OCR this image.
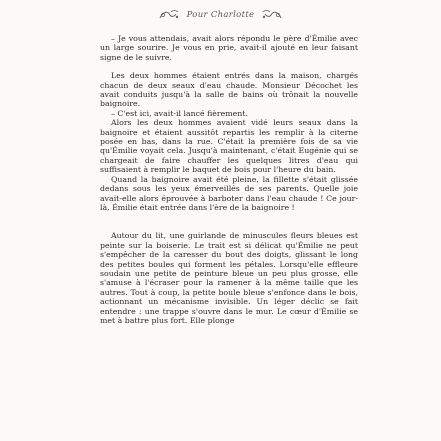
Pour Charlotte

– Je vous attendais, avait alors répondu le père d'Émilie avec un large sourire. Je vous en prie, avait-il ajouté en leur faisant signe de le suivre.

Les deux hommes étaient entrés dans la maison, chargés chacun de deux seaux d'eau chaude. Monsieur Décochet les avait conduits jusqu'à la salle de bains où trônait la nouvelle baignoire.

– C'est ici, avait-il lancé fièrement.

Alors les deux hommes avaient vidé leurs seaux dans la baignoire et étaient aussitôt repartis les remplir à la citerne posée en bas, dans la rue. C'était la première fois de sa vie qu'Émilie voyait cela. Jusqu'à maintenant, c'était Eugénie qui se chargeait de faire chauffer les quelques litres d'eau qui suffisaient à remplir le baquet de bois pour l'heure du bain.

Quand la baignoire avait été pleine, la fillette s'était glissée dedans sous les yeux émerveillés de ses parents. Quelle joie avait-elle alors éprouvée à barboter dans l'eau chaude ! Ce jour-là, Émilie était entrée dans l'ère de la baignoire !

Autour du lit, une guirlande de minuscules fleurs bleues est peinte sur la boiserie. Le trait est si délicat qu'Émilie ne peut s'empêcher de la caresser du bout des doigts, glissant le long des petites boules qui forment les pétales. Lorsqu'elle effleure soudain une petite de peinture bleue un peu plus grosse, elle s'amuse à l'écraser pour la ramener à la même taille que les autres. Tout à coup, la petite boule bleue s'enfonce dans le bois, actionnant un mécanisme invisible. Un léger déclic se fait entendre : une trappe s'ouvre dans le mur. Le cœur d'Émilie se met à battre plus fort. Elle plonge
